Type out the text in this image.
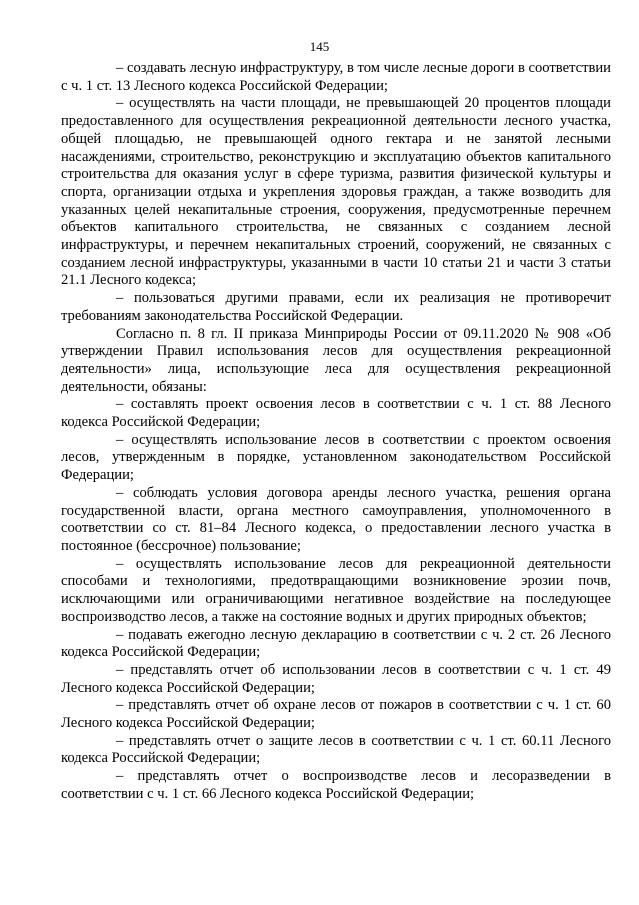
145

– создавать лесную инфраструктуру, в том числе лесные дороги в соответствии с ч. 1 ст. 13 Лесного кодекса Российской Федерации;

– осуществлять на части площади, не превышающей 20 процентов площади предоставленного для осуществления рекреационной деятельности лесного участка, общей площадью, не превышающей одного гектара и не занятой лесными насаждениями, строительство, реконструкцию и эксплуатацию объектов капитального строительства для оказания услуг в сфере туризма, развития физической культуры и спорта, организации отдыха и укрепления здоровья граждан, а также возводить для указанных целей некапитальные строения, сооружения, предусмотренные перечнем объектов капитального строительства, не связанных с созданием лесной инфраструктуры, и перечнем некапитальных строений, сооружений, не связанных с созданием лесной инфраструктуры, указанными в части 10 статьи 21 и части 3 статьи 21.1 Лесного кодекса;

– пользоваться другими правами, если их реализация не противоречит требованиям законодательства Российской Федерации.

Согласно п. 8 гл. II приказа Минприроды России от 09.11.2020 № 908 «Об утверждении Правил использования лесов для осуществления рекреационной деятельности» лица, использующие леса для осуществления рекреационной деятельности, обязаны:

– составлять проект освоения лесов в соответствии с ч. 1 ст. 88 Лесного кодекса Российской Федерации;

– осуществлять использование лесов в соответствии с проектом освоения лесов, утвержденным в порядке, установленном законодательством Российской Федерации;

– соблюдать условия договора аренды лесного участка, решения органа государственной власти, органа местного самоуправления, уполномоченного в соответствии со ст. 81–84 Лесного кодекса, о предоставлении лесного участка в постоянное (бессрочное) пользование;

– осуществлять использование лесов для рекреационной деятельности способами и технологиями, предотвращающими возникновение эрозии почв, исключающими или ограничивающими негативное воздействие на последующее воспроизводство лесов, а также на состояние водных и других природных объектов;

– подавать ежегодно лесную декларацию в соответствии с ч. 2 ст. 26 Лесного кодекса Российской Федерации;

– представлять отчет об использовании лесов в соответствии с ч. 1 ст. 49 Лесного кодекса Российской Федерации;

– представлять отчет об охране лесов от пожаров в соответствии с ч. 1 ст. 60 Лесного кодекса Российской Федерации;

– представлять отчет о защите лесов в соответствии с ч. 1 ст. 60.11 Лесного кодекса Российской Федерации;

– представлять отчет о воспроизводстве лесов и лесоразведении в соответствии с ч. 1 ст. 66 Лесного кодекса Российской Федерации;
